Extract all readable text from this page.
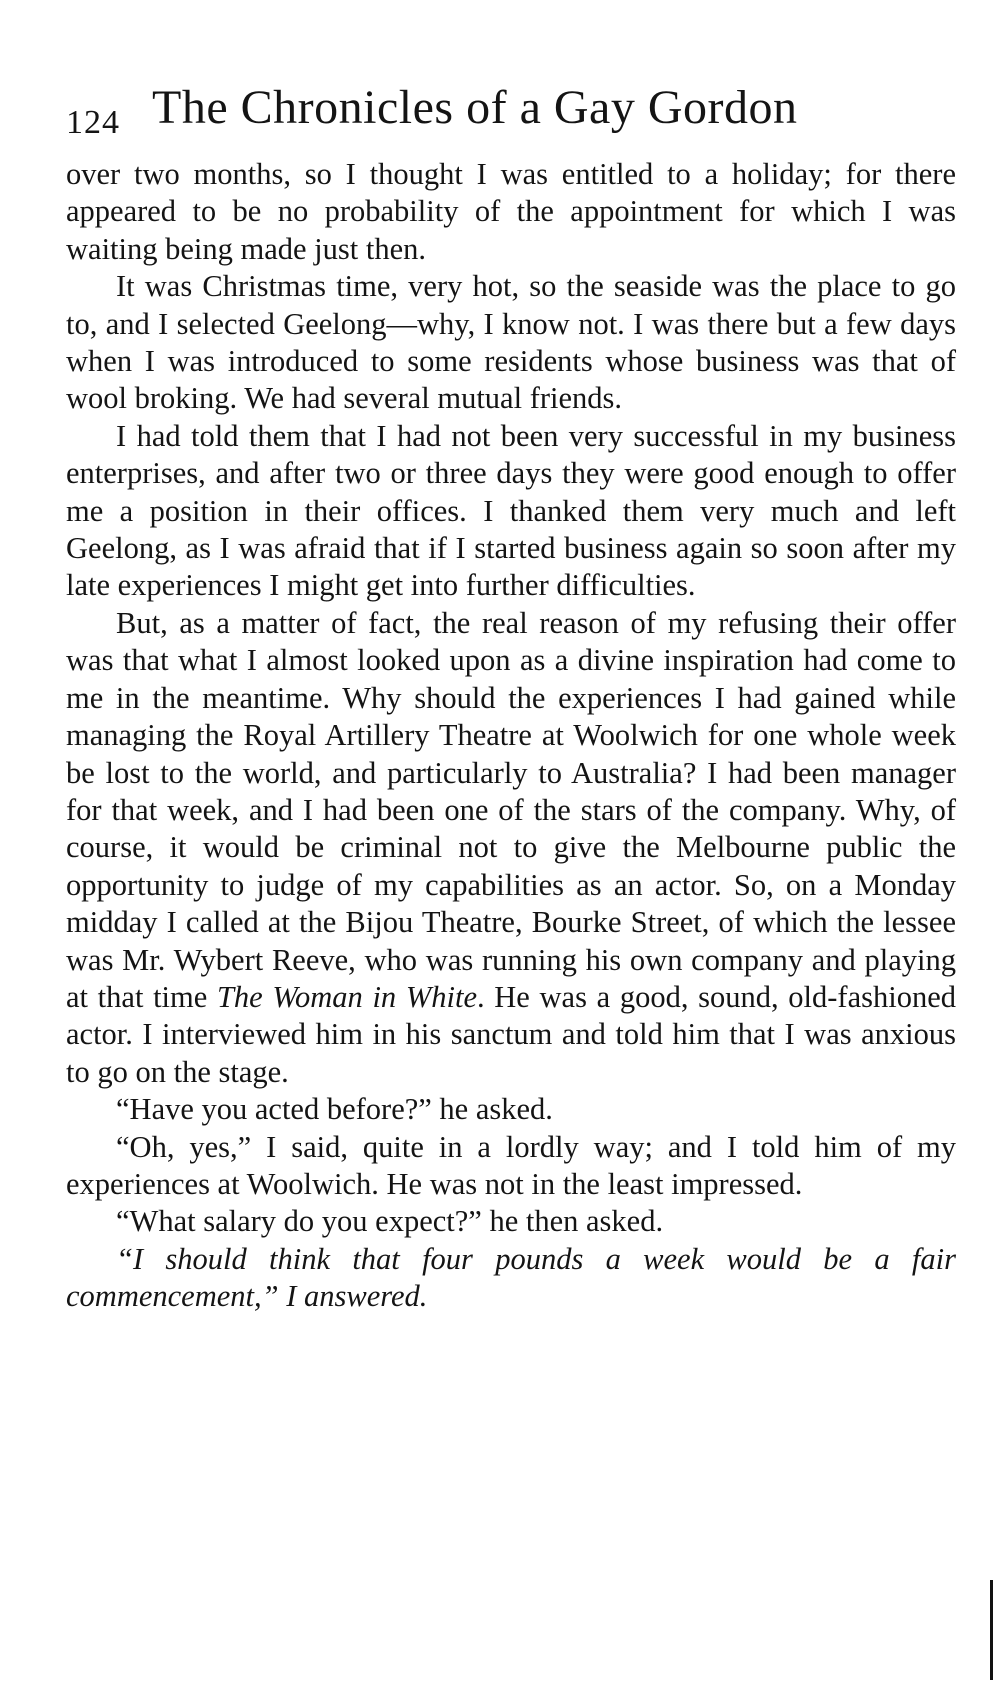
124 The Chronicles of a Gay Gordon

over two months, so I thought I was entitled to a holiday; for there appeared to be no probability of the appointment for which I was waiting being made just then.

It was Christmas time, very hot, so the seaside was the place to go to, and I selected Geelong—why, I know not. I was there but a few days when I was introduced to some residents whose business was that of wool broking. We had several mutual friends.

I had told them that I had not been very successful in my business enterprises, and after two or three days they were good enough to offer me a position in their offices. I thanked them very much and left Geelong, as I was afraid that if I started business again so soon after my late experiences I might get into further difficulties.

But, as a matter of fact, the real reason of my refusing their offer was that what I almost looked upon as a divine inspiration had come to me in the meantime. Why should the experiences I had gained while managing the Royal Artillery Theatre at Woolwich for one whole week be lost to the world, and particularly to Australia? I had been manager for that week, and I had been one of the stars of the company. Why, of course, it would be criminal not to give the Melbourne public the opportunity to judge of my capabilities as an actor. So, on a Monday midday I called at the Bijou Theatre, Bourke Street, of which the lessee was Mr. Wybert Reeve, who was running his own company and playing at that time The Woman in White. He was a good, sound, old-fashioned actor. I interviewed him in his sanctum and told him that I was anxious to go on the stage.

“Have you acted before?” he asked.

“Oh, yes,” I said, quite in a lordly way; and I told him of my experiences at Woolwich. He was not in the least impressed.

“What salary do you expect?” he then asked.

“I should think that four pounds a week would be a fair commencement,” I answered.
